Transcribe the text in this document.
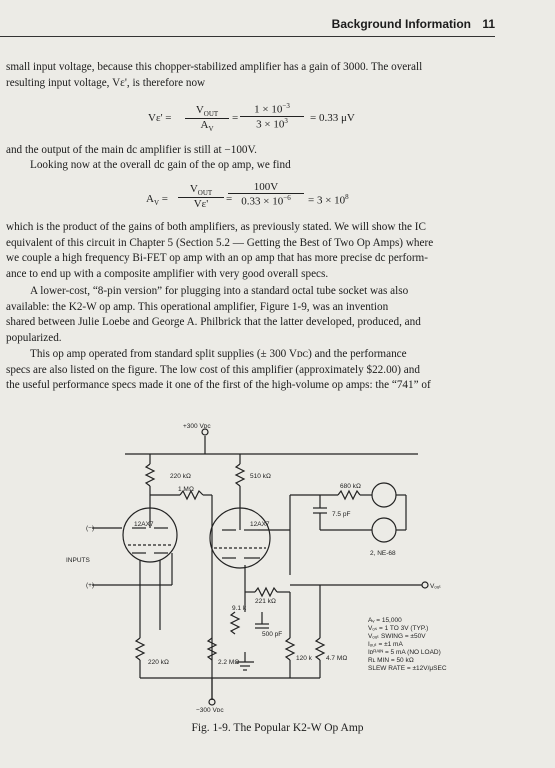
Background Information 11
small input voltage, because this chopper-stabilized amplifier has a gain of 3000. The overall
resulting input voltage, Vε', is therefore now
Vε' =
$V_{OUT}$
$A_V$
= $\frac{1 \times 10^{-3}}{3 \times 10^3} = 0.33$ μV
and the output of the main dc amplifier is still at −100V.
Looking now at the overall dc gain of the op amp, we find
$A_V$ =
$V_{OUT}$
Vε'	=
$\frac{100V}{0.33 \times 10^{-6}} = 3 \times 10^8$
which is the product of the gains of both amplifiers, as previously stated. We will show the IC
equivalent of this circuit in Chapter 5 (Section 5.2 — Getting the Best of Two Op Amps) where
we couple a high frequency Bi-FET op amp with an op amp that has more precise dc perform-
ance to end up with a composite amplifier with very good overall specs.
A lower-cost, “8-pin version” for plugging into a standard octal tube socket was also
available: the K2-W op amp. This operational amplifier, Figure 1-9, was an invention
shared between Julie Loebe and George A. Philbrick that the latter developed, produced, and
popularized.
This op amp operated from standard split supplies (± 300 Vᴅᴄ) and the performance
specs are also listed on the figure. The low cost of this amplifier (approximately $22.00) and
the useful performance specs made it one of the first of the high-volume op amps: the “741” of
+300 Vᴅᴄ
220 kΩ	510 kΩ
1 MΩ	680 kΩ
7.5 pF
12AX7	12AX7
2, NE-68
(−)
(+)
INPUTS
221 kΩ
9.1 k
500 pF
220 kΩ	2.2 MΩ
120 k 4.7 MΩ
Vₒᵤₜ
−300 Vᴅᴄ
Aᵥ = 15,000
Vₒₛ = 1 TO 3V (TYP.)
Vₒᵤₜ SWING = ±50V
Iₒᵤₜ = ±1 mA
Iᴅᴿᴬᴵᴺ = 5 mA (NO LOAD)
Rʟ MIN = 50 kΩ
SLEW RATE = ±12V/μSEC
Fig. 1-9. The Popular K2-W Op Amp
